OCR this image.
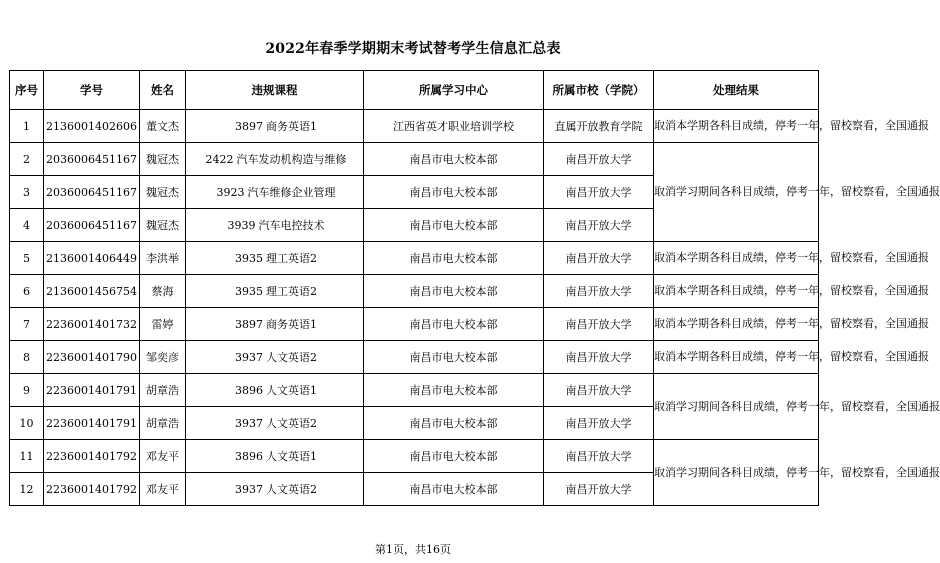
2022年春季学期期末考试替考学生信息汇总表
序号	学号	姓名	违规课程	所属学习中心	所属市校（学院）	处理结果
1	2136001402606	董文杰	3897 商务英语1	江西省英才职业培训学校	直属开放教育学院	取消本学期各科目成绩，停考一年，留校察看，全国通报
2	2036006451167	魏冠杰	2422 汽车发动机构造与维修	南昌市电大校本部	南昌开放大学	取消学习期间各科目成绩，停考一年，留校察看，全国通报
3	2036006451167	魏冠杰	3923 汽车维修企业管理	南昌市电大校本部	南昌开放大学	
4	2036006451167	魏冠杰	3939 汽车电控技术	南昌市电大校本部	南昌开放大学	
5	2136001406449	李洪举	3935 理工英语2	南昌市电大校本部	南昌开放大学	取消本学期各科目成绩，停考一年，留校察看，全国通报
6	2136001456754	蔡海	3935 理工英语2	南昌市电大校本部	南昌开放大学	取消本学期各科目成绩，停考一年，留校察看，全国通报
7	2236001401732	雷婷	3897 商务英语1	南昌市电大校本部	南昌开放大学	取消本学期各科目成绩，停考一年，留校察看，全国通报
8	2236001401790	邹奕彦	3937 人文英语2	南昌市电大校本部	南昌开放大学	取消本学期各科目成绩，停考一年，留校察看，全国通报
9	2236001401791	胡章浩	3896 人文英语1	南昌市电大校本部	南昌开放大学	取消学习期间各科目成绩，停考一年，留校察看，全国通报
10	2236001401791	胡章浩	3937 人文英语2	南昌市电大校本部	南昌开放大学	
11	2236001401792	邓友平	3896 人文英语1	南昌市电大校本部	南昌开放大学	取消学习期间各科目成绩，停考一年，留校察看，全国通报
12	2236001401792	邓友平	3937 人文英语2	南昌市电大校本部	南昌开放大学	
第1页，共16页
